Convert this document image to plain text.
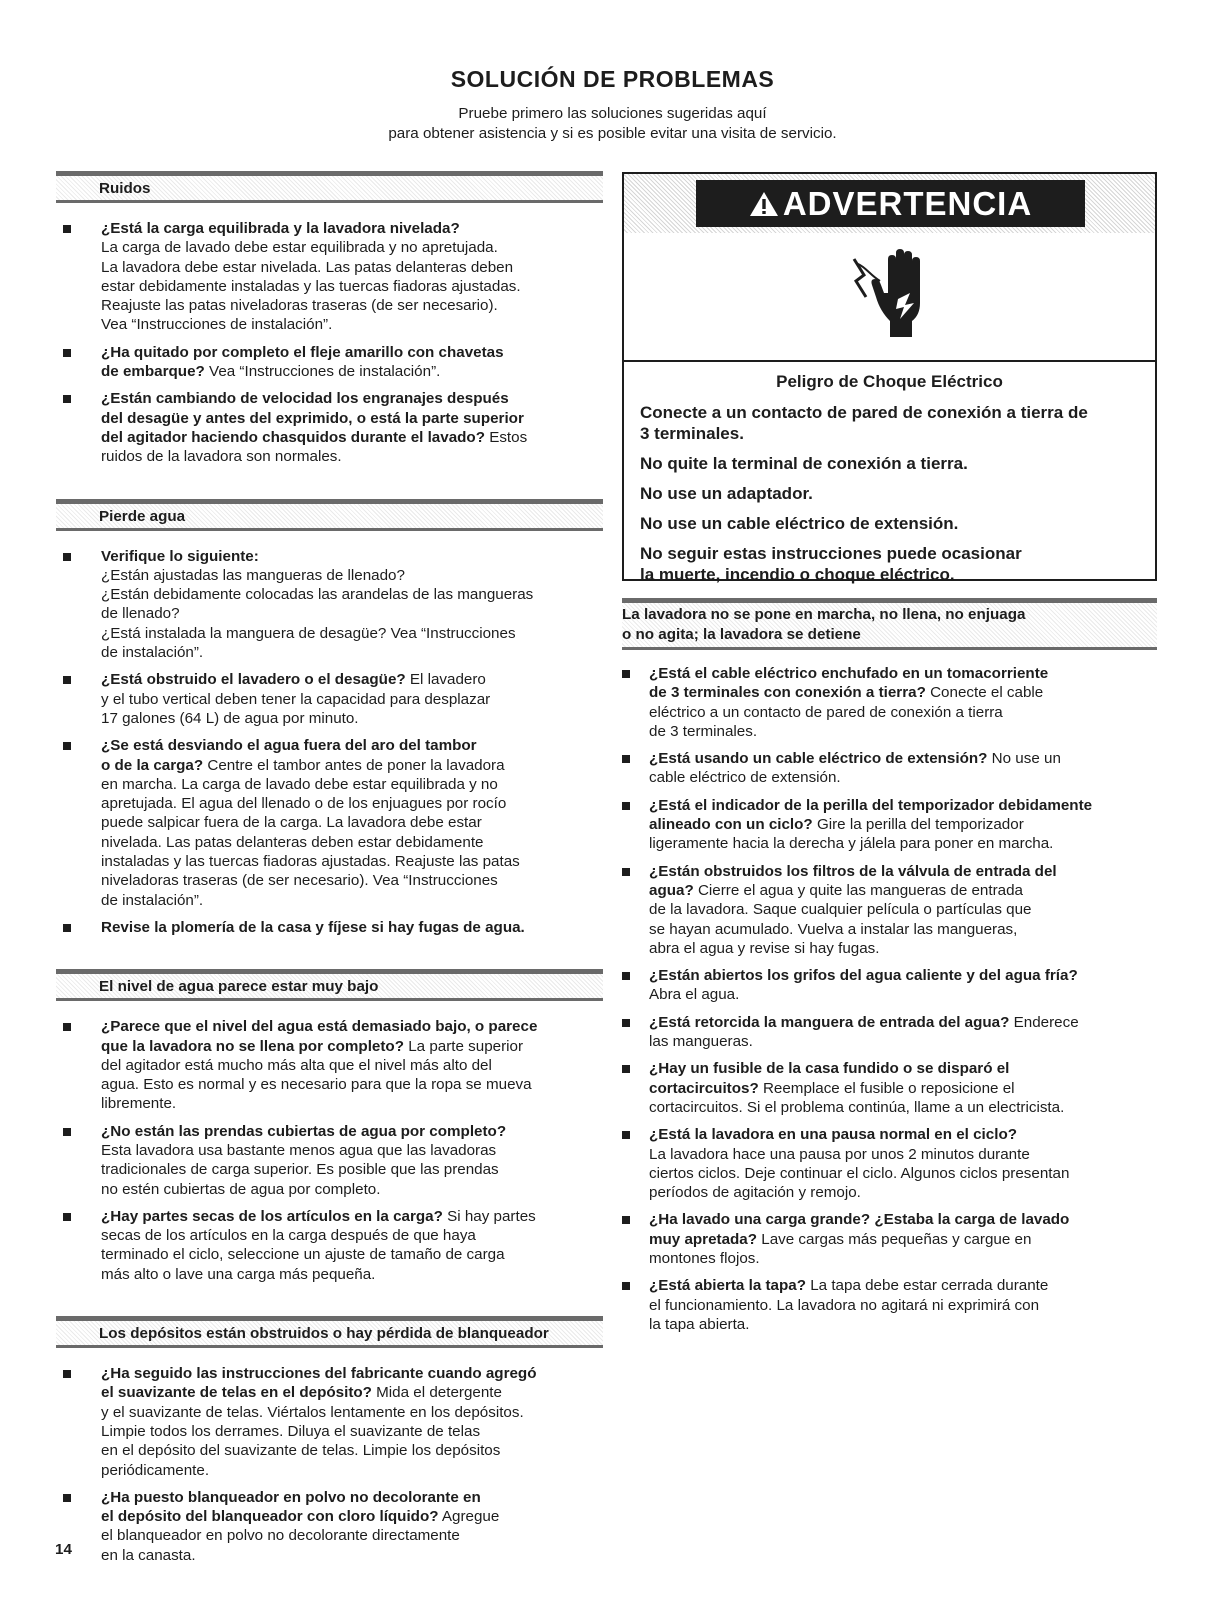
SOLUCIÓN DE PROBLEMAS
Pruebe primero las soluciones sugeridas aquí
para obtener asistencia y si es posible evitar una visita de servicio.
Ruidos
¿Está la carga equilibrada y la lavadora nivelada?
La carga de lavado debe estar equilibrada y no apretujada.
La lavadora debe estar nivelada. Las patas delanteras deben
estar debidamente instaladas y las tuercas fiadoras ajustadas.
Reajuste las patas niveladoras traseras (de ser necesario).
Vea “Instrucciones de instalación”.
¿Ha quitado por completo el fleje amarillo con chavetas
de embarque? Vea “Instrucciones de instalación”.
¿Están cambiando de velocidad los engranajes después
del desagüe y antes del exprimido, o está la parte superior
del agitador haciendo chasquidos durante el lavado? Estos
ruidos de la lavadora son normales.
Pierde agua
Verifique lo siguiente:
¿Están ajustadas las mangueras de llenado?
¿Están debidamente colocadas las arandelas de las mangueras
de llenado?
¿Está instalada la manguera de desagüe? Vea “Instrucciones
de instalación”.
¿Está obstruido el lavadero o el desagüe? El lavadero
y el tubo vertical deben tener la capacidad para desplazar
17 galones (64 L) de agua por minuto.
¿Se está desviando el agua fuera del aro del tambor
o de la carga? Centre el tambor antes de poner la lavadora
en marcha. La carga de lavado debe estar equilibrada y no
apretujada. El agua del llenado o de los enjuagues por rocío
puede salpicar fuera de la carga. La lavadora debe estar
nivelada. Las patas delanteras deben estar debidamente
instaladas y las tuercas fiadoras ajustadas. Reajuste las patas
niveladoras traseras (de ser necesario). Vea “Instrucciones
de instalación”.
Revise la plomería de la casa y fíjese si hay fugas de agua.
El nivel de agua parece estar muy bajo
¿Parece que el nivel del agua está demasiado bajo, o parece
que la lavadora no se llena por completo? La parte superior
del agitador está mucho más alta que el nivel más alto del
agua. Esto es normal y es necesario para que la ropa se mueva
libremente.
¿No están las prendas cubiertas de agua por completo?
Esta lavadora usa bastante menos agua que las lavadoras
tradicionales de carga superior. Es posible que las prendas
no estén cubiertas de agua por completo.
¿Hay partes secas de los artículos en la carga? Si hay partes
secas de los artículos en la carga después de que haya
terminado el ciclo, seleccione un ajuste de tamaño de carga
más alto o lave una carga más pequeña.
Los depósitos están obstruidos o hay pérdida de blanqueador
¿Ha seguido las instrucciones del fabricante cuando agregó
el suavizante de telas en el depósito? Mida el detergente
y el suavizante de telas. Viértalos lentamente en los depósitos.
Limpie todos los derrames. Diluya el suavizante de telas
en el depósito del suavizante de telas. Limpie los depósitos
periódicamente.
¿Ha puesto blanqueador en polvo no decolorante en
el depósito del blanqueador con cloro líquido? Agregue
el blanqueador en polvo no decolorante directamente
en la canasta.
ADVERTENCIA
Peligro de Choque Eléctrico
Conecte a un contacto de pared de conexión a tierra de
3 terminales.
No quite la terminal de conexión a tierra.
No use un adaptador.
No use un cable eléctrico de extensión.
No seguir estas instrucciones puede ocasionar
la muerte, incendio o choque eléctrico.
La lavadora no se pone en marcha, no llena, no enjuaga
o no agita; la lavadora se detiene
¿Está el cable eléctrico enchufado en un tomacorriente
de 3 terminales con conexión a tierra? Conecte el cable
eléctrico a un contacto de pared de conexión a tierra
de 3 terminales.
¿Está usando un cable eléctrico de extensión? No use un
cable eléctrico de extensión.
¿Está el indicador de la perilla del temporizador debidamente
alineado con un ciclo? Gire la perilla del temporizador
ligeramente hacia la derecha y jálela para poner en marcha.
¿Están obstruidos los filtros de la válvula de entrada del
agua? Cierre el agua y quite las mangueras de entrada
de la lavadora. Saque cualquier película o partículas que
se hayan acumulado. Vuelva a instalar las mangueras,
abra el agua y revise si hay fugas.
¿Están abiertos los grifos del agua caliente y del agua fría?
Abra el agua.
¿Está retorcida la manguera de entrada del agua? Enderece
las mangueras.
¿Hay un fusible de la casa fundido o se disparó el
cortacircuitos? Reemplace el fusible o reposicione el
cortacircuitos. Si el problema continúa, llame a un electricista.
¿Está la lavadora en una pausa normal en el ciclo?
La lavadora hace una pausa por unos 2 minutos durante
ciertos ciclos. Deje continuar el ciclo. Algunos ciclos presentan
períodos de agitación y remojo.
¿Ha lavado una carga grande? ¿Estaba la carga de lavado
muy apretada? Lave cargas más pequeñas y cargue en
montones flojos.
¿Está abierta la tapa? La tapa debe estar cerrada durante
el funcionamiento. La lavadora no agitará ni exprimirá con
la tapa abierta.
14
